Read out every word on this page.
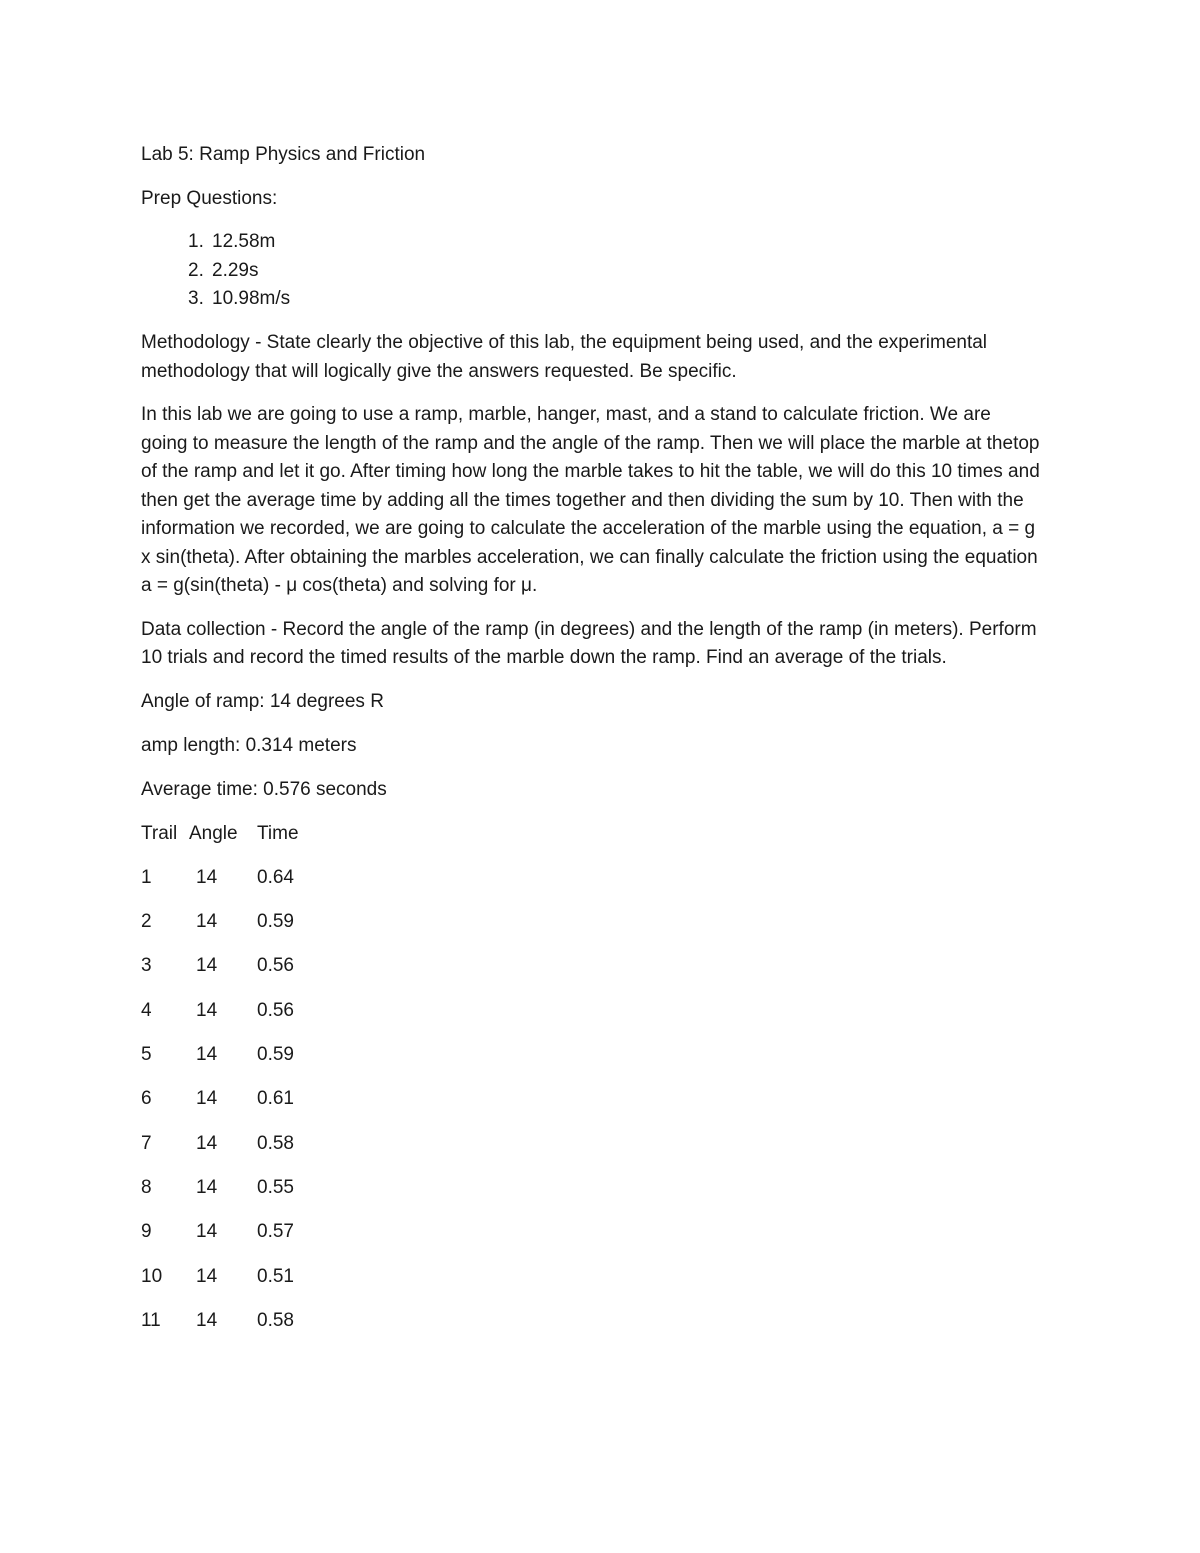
Lab 5: Ramp Physics and Friction

Prep Questions:

1. 12.58m
2. 2.29s
3. 10.98m/s

Methodology - State clearly the objective of this lab, the equipment being used, and the experimental methodology that will logically give the answers requested. Be specific.

In this lab we are going to use a ramp, marble, hanger, mast, and a stand to calculate friction. We are going to measure the length of the ramp and the angle of the ramp. Then we will place the marble at thetop of the ramp and let it go. After timing how long the marble takes to hit the table, we will do this 10 times and then get the average time by adding all the times together and then dividing the sum by 10. Then with the information we recorded, we are going to calculate the acceleration of the marble using the equation, a = g x sin(theta). After obtaining the marbles acceleration, we can finally calculate the friction using the equation a = g(sin(theta) - μ cos(theta) and solving for μ.

Data collection - Record the angle of the ramp (in degrees) and the length of the ramp (in meters). Perform 10 trials and record the timed results of the marble down the ramp. Find an average of the trials.

Angle of ramp: 14 degrees R

amp length: 0.314 meters

Average time: 0.576 seconds

Trail Angle	Time
1	14	0.64
2	14	0.59
3	14	0.56
4	14	0.56
5	14	0.59
6	14	0.61
7	14	0.58
8	14	0.55
9	14	0.57
10	14	0.51
11	14	0.58
